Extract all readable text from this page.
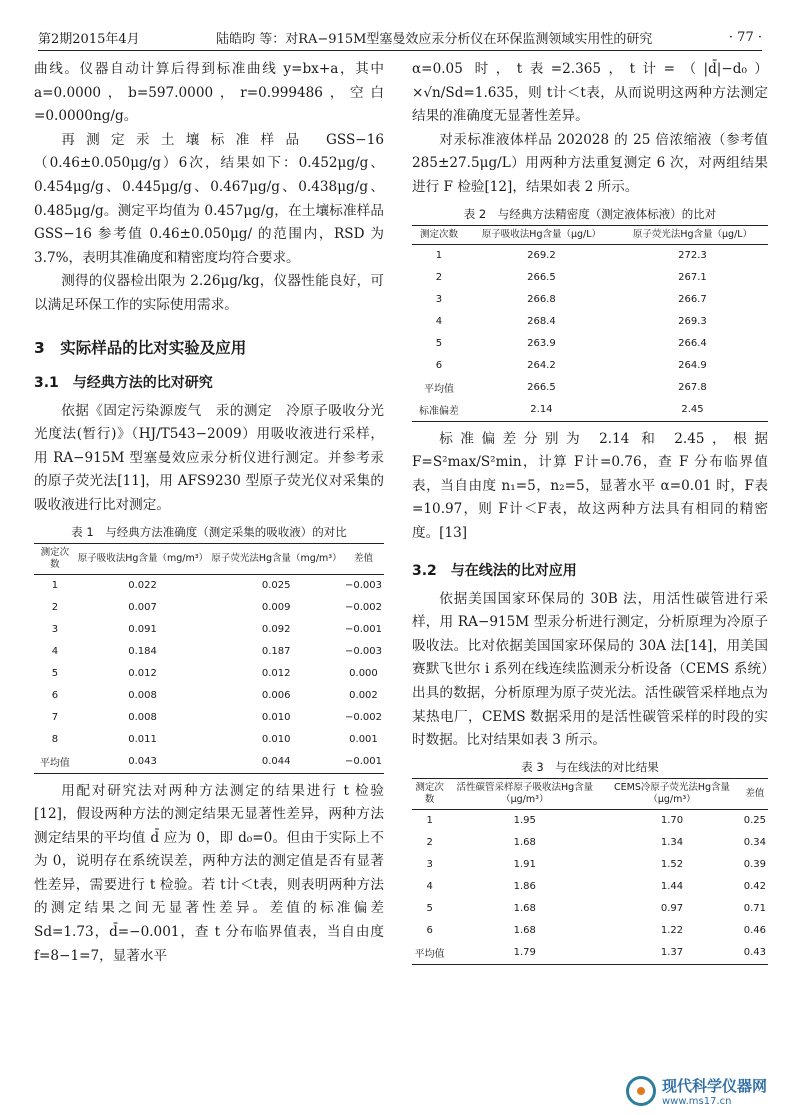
第2期2015年4月	陆皓昀 等：对RA−915M型塞曼效应汞分析仪在环保监测领域实用性的研究	· 77 ·

曲线。仪器自动计算后得到标准曲线 y=bx+a，其中 a=0.0000，b=597.0000，r=0.999486，空白=0.0000ng/g。

再测定汞土壤标准样品 GSS−16（0.46±0.050μg/g）6次，结果如下：0.452μg/g、0.454μg/g、0.445μg/g、0.467μg/g、0.438μg/g、0.485μg/g。测定平均值为 0.457μg/g，在土壤标准样品 GSS−16 参考值 0.46±0.050μg/ 的范围内，RSD 为 3.7%，表明其准确度和精密度均符合要求。

测得的仪器检出限为 2.26μg/kg，仪器性能良好，可以满足环保工作的实际使用需求。

3　实际样品的比对实验及应用
3.1　与经典方法的比对研究

依据《固定污染源废气　汞的测定　冷原子吸收分光光度法(暂行)》（HJ/T543−2009）用吸收液进行采样，用 RA−915M 型塞曼效应汞分析仪进行测定。并参考汞的原子荧光法[11]，用 AFS9230 型原子荧光仪对采集的吸收液进行比对测定。

表 1　与经典方法准确度（测定采集的吸收液）的对比
测定次数	原子吸收法Hg含量（mg/m³）	原子荧光法Hg含量（mg/m³）	差值
1	0.022	0.025	−0.003
2	0.007	0.009	−0.002
3	0.091	0.092	−0.001
4	0.184	0.187	−0.003
5	0.012	0.012	0.000
6	0.008	0.006	0.002
7	0.008	0.010	−0.002
8	0.011	0.010	0.001
平均值	0.043	0.044	−0.001

用配对研究法对两种方法测定的结果进行 t 检验[12]，假设两种方法的测定结果无显著性差异，两种方法测定结果的平均值 d̄ 应为 0，即 d₀=0。但由于实际上不为 0，说明存在系统误差，两种方法的测定值是否有显著性差异，需要进行 t 检验。若 t计＜t表，则表明两种方法的测定结果之间无显著性差异。差值的标准偏差 Sd=1.73，d̄=−0.001，查 t 分布临界值表，当自由度 f=8−1=7，显著水平

α=0.05 时，t表=2.365，t计=（|d̄|−d₀）×√n/Sd=1.635，则 t计＜t表，从而说明这两种方法测定结果的准确度无显著性差异。

对汞标准液体样品 202028 的 25 倍浓缩液（参考值 285±27.5μg/L）用两种方法重复测定 6 次，对两组结果进行 F 检验[12]，结果如表 2 所示。

表 2　与经典方法精密度（测定液体标液）的比对
测定次数	原子吸收法Hg含量（μg/L）	原子荧光法Hg含量（μg/L）
1	269.2	272.3
2	266.5	267.1
3	266.8	266.7
4	268.4	269.3
5	263.9	266.4
6	264.2	264.9
平均值	266.5	267.8
标准偏差	2.14	2.45

标准偏差分别为 2.14 和 2.45，根据 F=S²max/S²min，计算 F计=0.76，查 F 分布临界值表，当自由度 n₁=5，n₂=5，显著水平 α=0.01 时，F表=10.97，则 F计＜F表，故这两种方法具有相同的精密度。[13]

3.2　与在线法的比对应用

依据美国国家环保局的 30B 法，用活性碳管进行采样，用 RA−915M 型汞分析进行测定，分析原理为冷原子吸收法。比对依据美国国家环保局的 30A 法[14]，用美国赛默飞世尔 i 系列在线连续监测汞分析设备（CEMS 系统）出具的数据，分析原理为原子荧光法。活性碳管采样地点为某热电厂，CEMS 数据采用的是活性碳管采样的时段的实时数据。比对结果如表 3 所示。

表 3　与在线法的对比结果
测定次数	活性碳管采样原子吸收法Hg含量（μg/m³）	CEMS冷原子荧光法Hg含量（μg/m³）	差值
1	1.95	1.70	0.25
2	1.68	1.34	0.34
3	1.91	1.52	0.39
4	1.86	1.44	0.42
5	1.68	0.97	0.71
6	1.68	1.22	0.46
平均值	1.79	1.37	0.43
现代科学仪器网
www.ms17.cn
